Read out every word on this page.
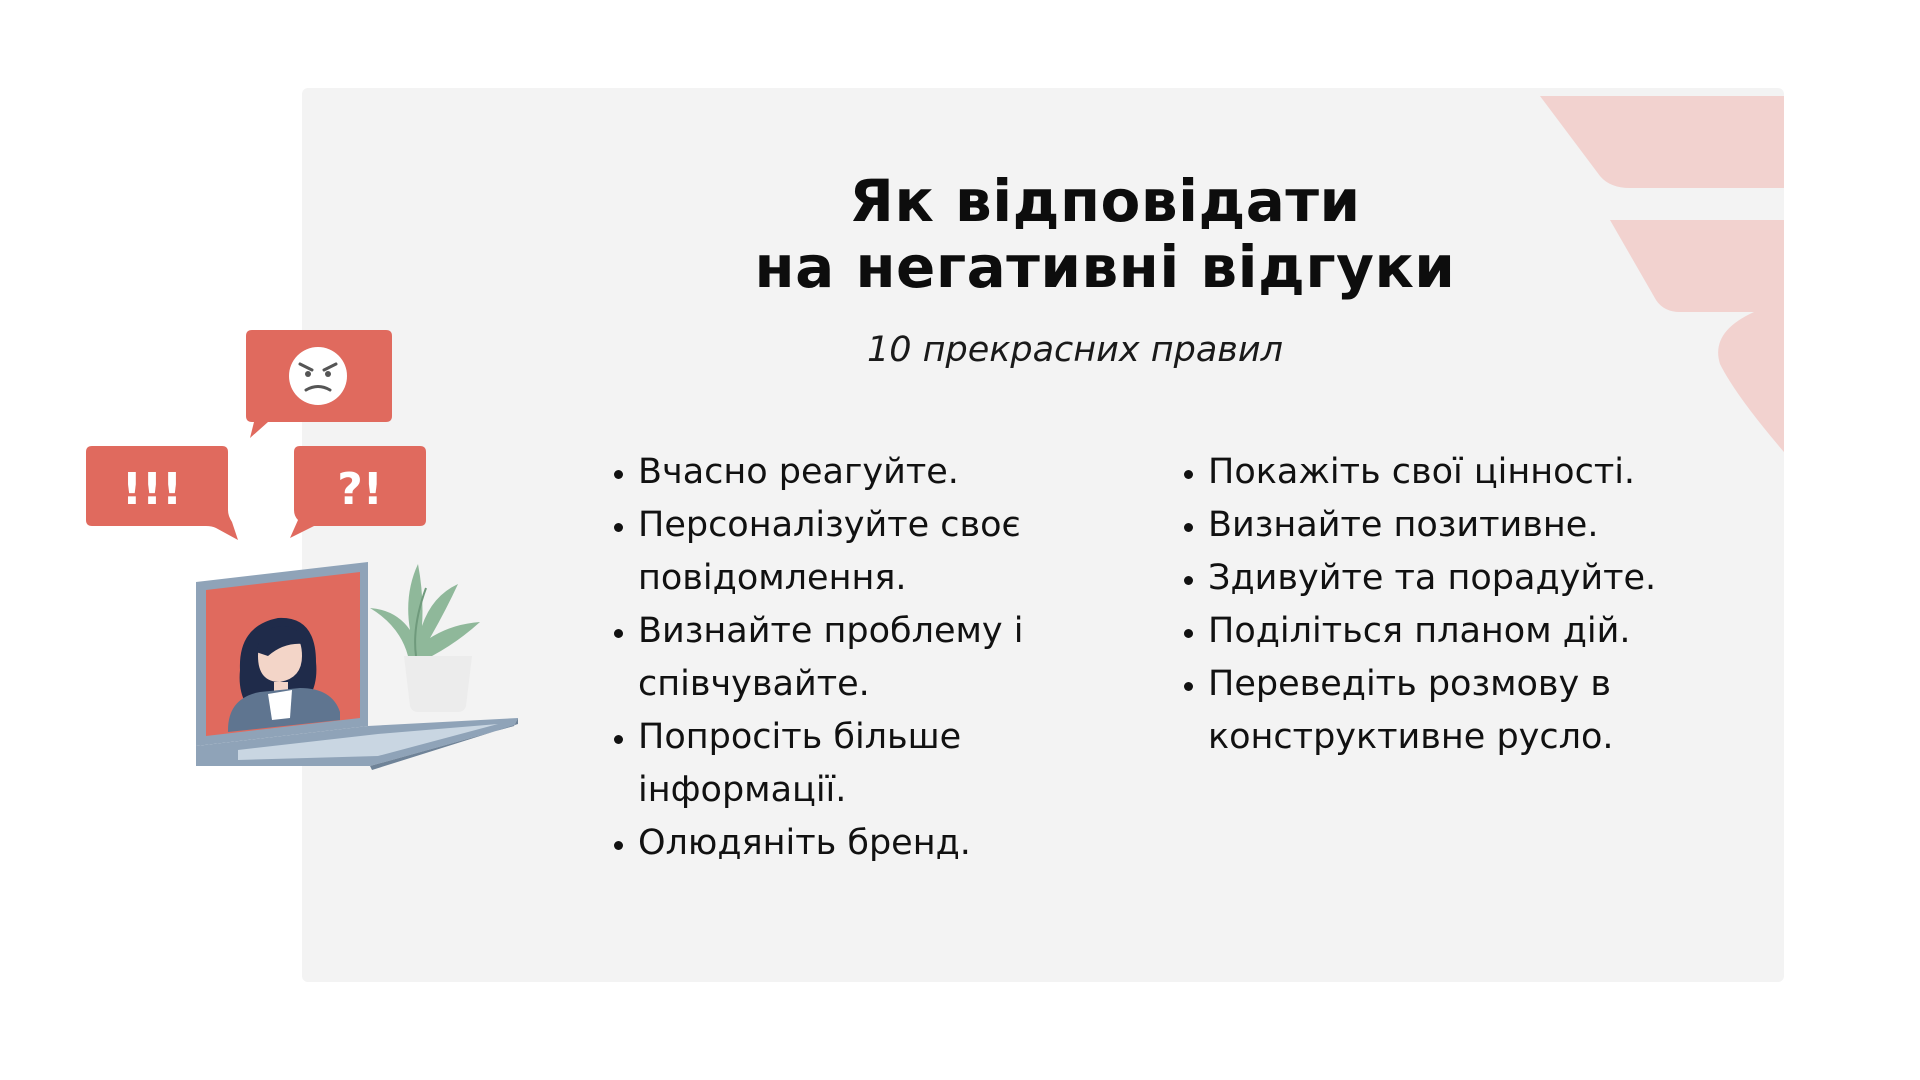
Як відповідати
на негативні відгуки
10 прекрасних правил
• Вчасно реагуйте.
• Персоналізуйте своє повідомлення.
• Визнайте проблему і співчувайте.
• Попросіть більше інформації.
• Олюдяніть бренд.
• Покажіть свої цінності.
• Визнайте позитивне.
• Здивуйте та порадуйте.
• Поділіться планом дій.
• Переведіть розмову в конструктивне русло.
!!!	?!
